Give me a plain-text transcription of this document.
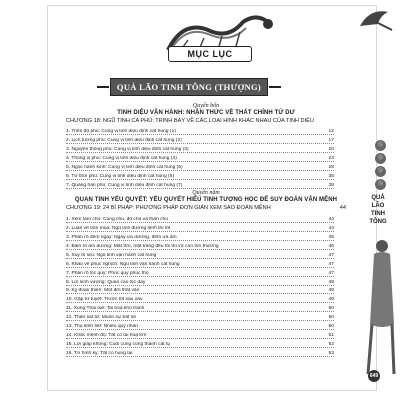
MỤC LỤC
QUẢ LÃO TINH TÔNG (THƯỢNG)
Quyển bốn
TINH DIỆU VẬN HÀNH: NHẬN THỨC VỀ THẤT CHÍNH TỨ DƯ
CHƯƠNG 18: NGŨ TINH CA PHÚ: TRÌNH BÀY VỀ CÁC LOẠI HÌNH KHÁC NHAU CỦA TINH DIỆU
1. Triền độ phú: Cung vị tinh diệu định cát hung (1)	12
2. Lịch tượng phú: Cung vị tinh diệu định cát hung (2)	17
3. Nguyên thông phú: Cung vị tinh diệu định cát hung (3)	20
4. Thông vị phú: Cung vị tinh diệu định cát hung (4)	23
5. Ngọc hành kinh: Cung vị tinh diệu định cát hung (5)	28
6. Tử thời phú: Cung vị tinh diệu định cát hung (6)	35
7. Quảng hàn phú: Cung vị tinh diệu định cát hung (7)	38
Quyển năm
QUAN TINH YẾU QUYẾT: YẾU QUYẾT HIỂU TINH TƯỢNG HỌC ĐỂ SUY ĐOÁN VẬN MỆNH
CHƯƠNG 19: 24 BÍ PHÁP: PHƯƠNG PHÁP ĐƠN GIẢN XEM SAO ĐOÁN MỆNH	44
1. Xem tam chủ: Cung chủ, độ chủ và thân chủ	44
2. Luận về bốn mùa: Ngũ tinh đương lệnh thì tốt	44
3. Phân rõ đêm ngày: Ngày ưa dương, đêm ưa âm	45
4. Biện rõ ám dương: Mất trời, mặt trăng đều tối thì vợ con tổn thương	46
5. Suy tri lưu: Ngũ tinh vận hành cát hung	47
6. Khảo về phục nghịch: Ngũ tinh vận hành cát hung	47
7. Phản rõ lộc quý: Phúc quý phúc thọ	47
8. Lợi sinh vượng: Quan cao lộc dày	48
9. Kỵ đoạn thiên: Một đời thất vận	49
10. Gặp tử tuyệt: Trước tốt sau xấu	49
11. Xung Thái tuế: Tai hoạ khó tránh	50
12. Thân sát tử: Muôn sự bất lợi	50
13. Thụ lệnh tiết: Nhiều quý nhân	50
14. Khắc mệnh độ: Tất có tai hoạ lớn	51
15. Lợi giáp không: Cuối cùng công thành cát tụ	52
16. Tứ hình kỵ: Tất có hung tai	53
Ⓢ
Ⓢ
Ⓢ
Ⓢ
QUẢ LÃO TINH TÔNG
649
